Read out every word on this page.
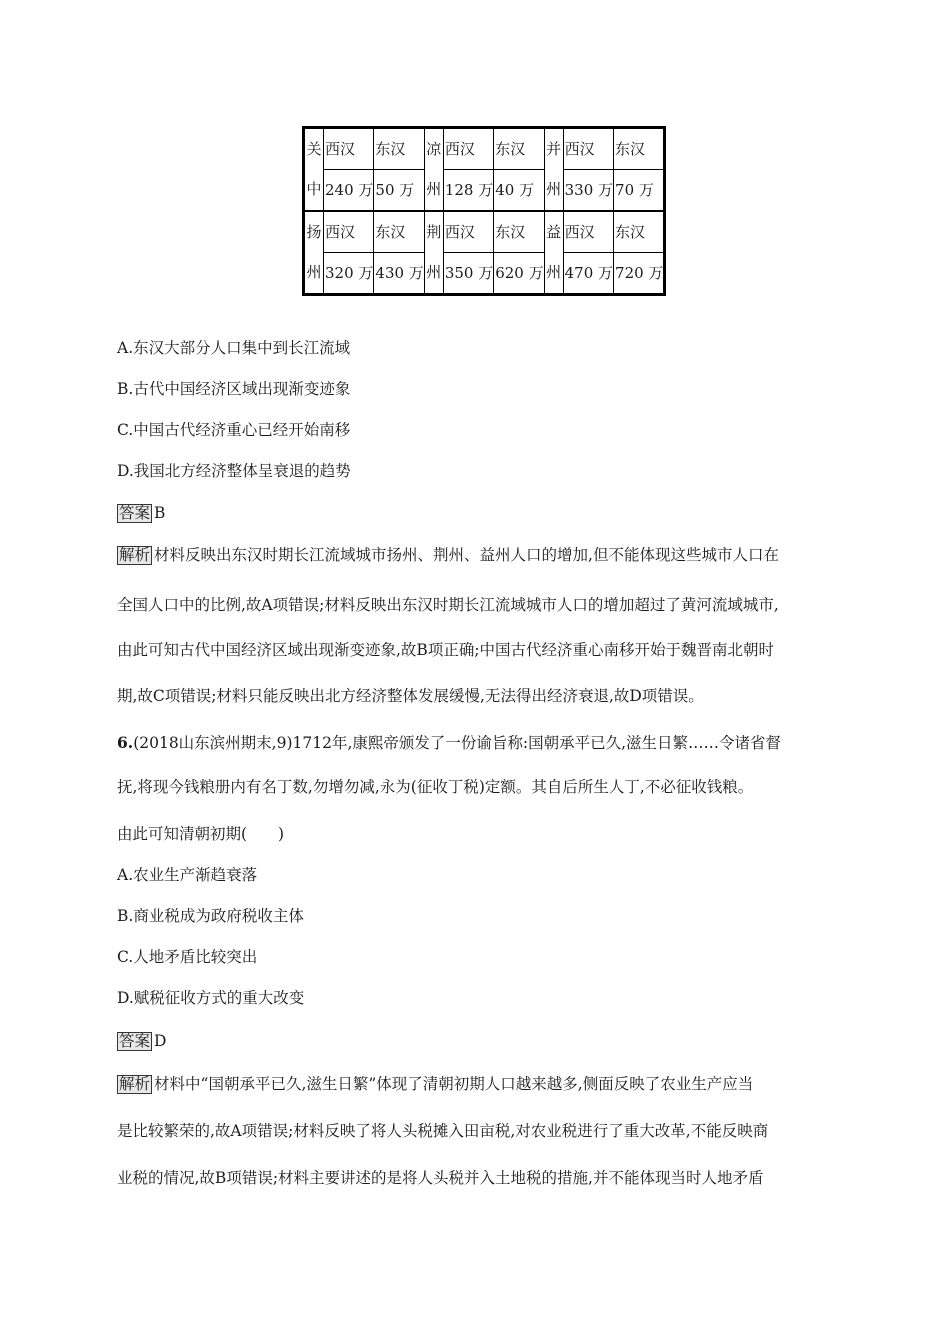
关	西汉	东汉	凉	西汉	东汉	并	西汉	东汉
中	240 万	50 万	州	128 万	40 万	州	330 万	70 万
扬	西汉	东汉	荆	西汉	东汉	益	西汉	东汉
州	320 万	430 万	州	350 万	620 万	州	470 万	720 万
A.东汉大部分人口集中到长江流域
B.古代中国经济区域出现渐变迹象
C.中国古代经济重心已经开始南移
D.我国北方经济整体呈衰退的趋势
答案 B
解析 材料反映出东汉时期长江流域城市扬州、荆州、益州人口的增加,但不能体现这些城市人口在
全国人口中的比例,故A项错误;材料反映出东汉时期长江流域城市人口的增加超过了黄河流域城市,
由此可知古代中国经济区域出现渐变迹象,故B项正确;中国古代经济重心南移开始于魏晋南北朝时
期,故C项错误;材料只能反映出北方经济整体发展缓慢,无法得出经济衰退,故D项错误。
6.(2018山东滨州期末,9)1712年,康熙帝颁发了一份谕旨称:国朝承平已久,滋生日繁……令诸省督
抚,将现今钱粮册内有名丁数,勿增勿减,永为(征收丁税)定额。其自后所生人丁,不必征收钱粮。
由此可知清朝初期(　　)
A.农业生产渐趋衰落
B.商业税成为政府税收主体
C.人地矛盾比较突出
D.赋税征收方式的重大改变
答案 D
解析 材料中“国朝承平已久,滋生日繁”体现了清朝初期人口越来越多,侧面反映了农业生产应当
是比较繁荣的,故A项错误;材料反映了将人头税摊入田亩税,对农业税进行了重大改革,不能反映商
业税的情况,故B项错误;材料主要讲述的是将人头税并入土地税的措施,并不能体现当时人地矛盾
